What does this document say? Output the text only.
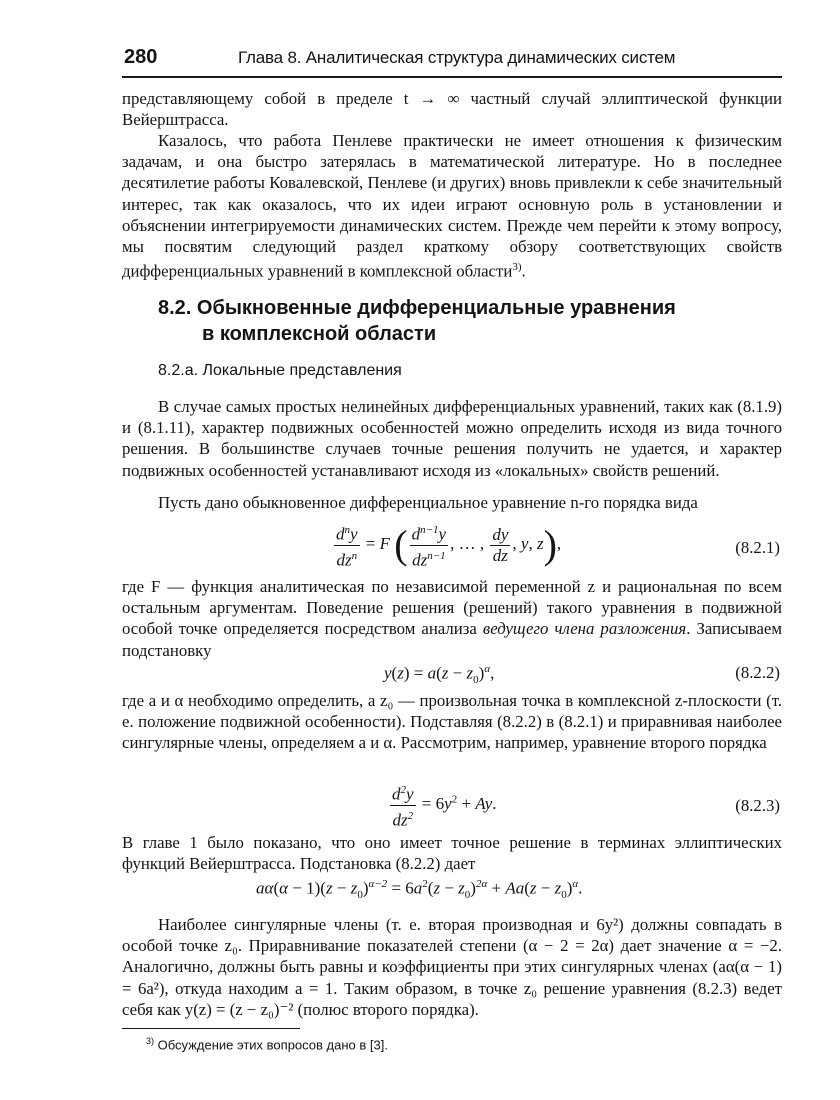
280	Глава 8. Аналитическая структура динамических систем

представляющему собой в пределе t → ∞ частный случай эллиптической функции Вейерштрасса.

Казалось, что работа Пенлеве практически не имеет отношения к физическим задачам, и она быстро затерялась в математической литературе. Но в последнее десятилетие работы Ковалевской, Пенлеве (и других) вновь привлекли к себе значительный интерес, так как оказалось, что их идеи играют основную роль в установлении и объяснении интегрируемости динамических систем. Прежде чем перейти к этому вопросу, мы посвятим следующий раздел краткому обзору соответствующих свойств дифференциальных уравнений в комплексной области$^{3)}$.

8.2. Обыкновенные дифференциальные уравнения
в комплексной области
8.2.a. Локальные представления

В случае самых простых нелинейных дифференциальных уравнений, таких как (8.1.9) и (8.1.11), характер подвижных особенностей можно определить исходя из вида точного решения. В большинстве случаев точные решения получить не удается, и характер подвижных особенностей устанавливают исходя из «локальных» свойств решений.

Пусть дано обыкновенное дифференциальное уравнение n-го порядка вида

$\frac{d^ny}{dz^n} = F$ ( $\frac{d^{n-1}y}{dz^{n-1}}$ , … , $\frac{dy}{dz}$ , y, z),	(8.2.1)

где F — функция аналитическая по независимой переменной z и рациональная по всем остальным аргументам. Поведение решения (решений) такого уравнения в подвижной особой точке определяется посредством анализа ведущего члена разложения. Записываем подстановку

$y(z) = a(z - z_0)^\alpha$,	(8.2.2)

где a и α необходимо определить, а z₀ — произвольная точка в комплексной z-плоскости (т. е. положение подвижной особенности). Подставляя (8.2.2) в (8.2.1) и приравнивая наиболее сингулярные члены, определяем a и α. Рассмотрим, например, уравнение второго порядка

$\frac{d^2y}{dz^2} = 6y^2 + Ay$.	(8.2.3)

В главе 1 было показано, что оно имеет точное решение в терминах эллиптических функций Вейерштрасса. Подстановка (8.2.2) дает

$a\alpha(\alpha - 1)(z - z_0)^{\alpha-2} = 6a^2(z - z_0)^{2\alpha} + Aa(z - z_0)^\alpha$.

Наиболее сингулярные члены (т. е. вторая производная и 6y²) должны совпадать в особой точке z₀. Приравнивание показателей степени (α − 2 = 2α) дает значение α = −2. Аналогично, должны быть равны и коэффициенты при этих сингулярных членах (aα(α − 1) = 6a²), откуда находим a = 1. Таким образом, в точке z₀ решение уравнения (8.2.3) ведет себя как y(z) = (z − z₀)⁻² (полюс второго порядка).

$^{3)}$ Обсуждение этих вопросов дано в [3].
